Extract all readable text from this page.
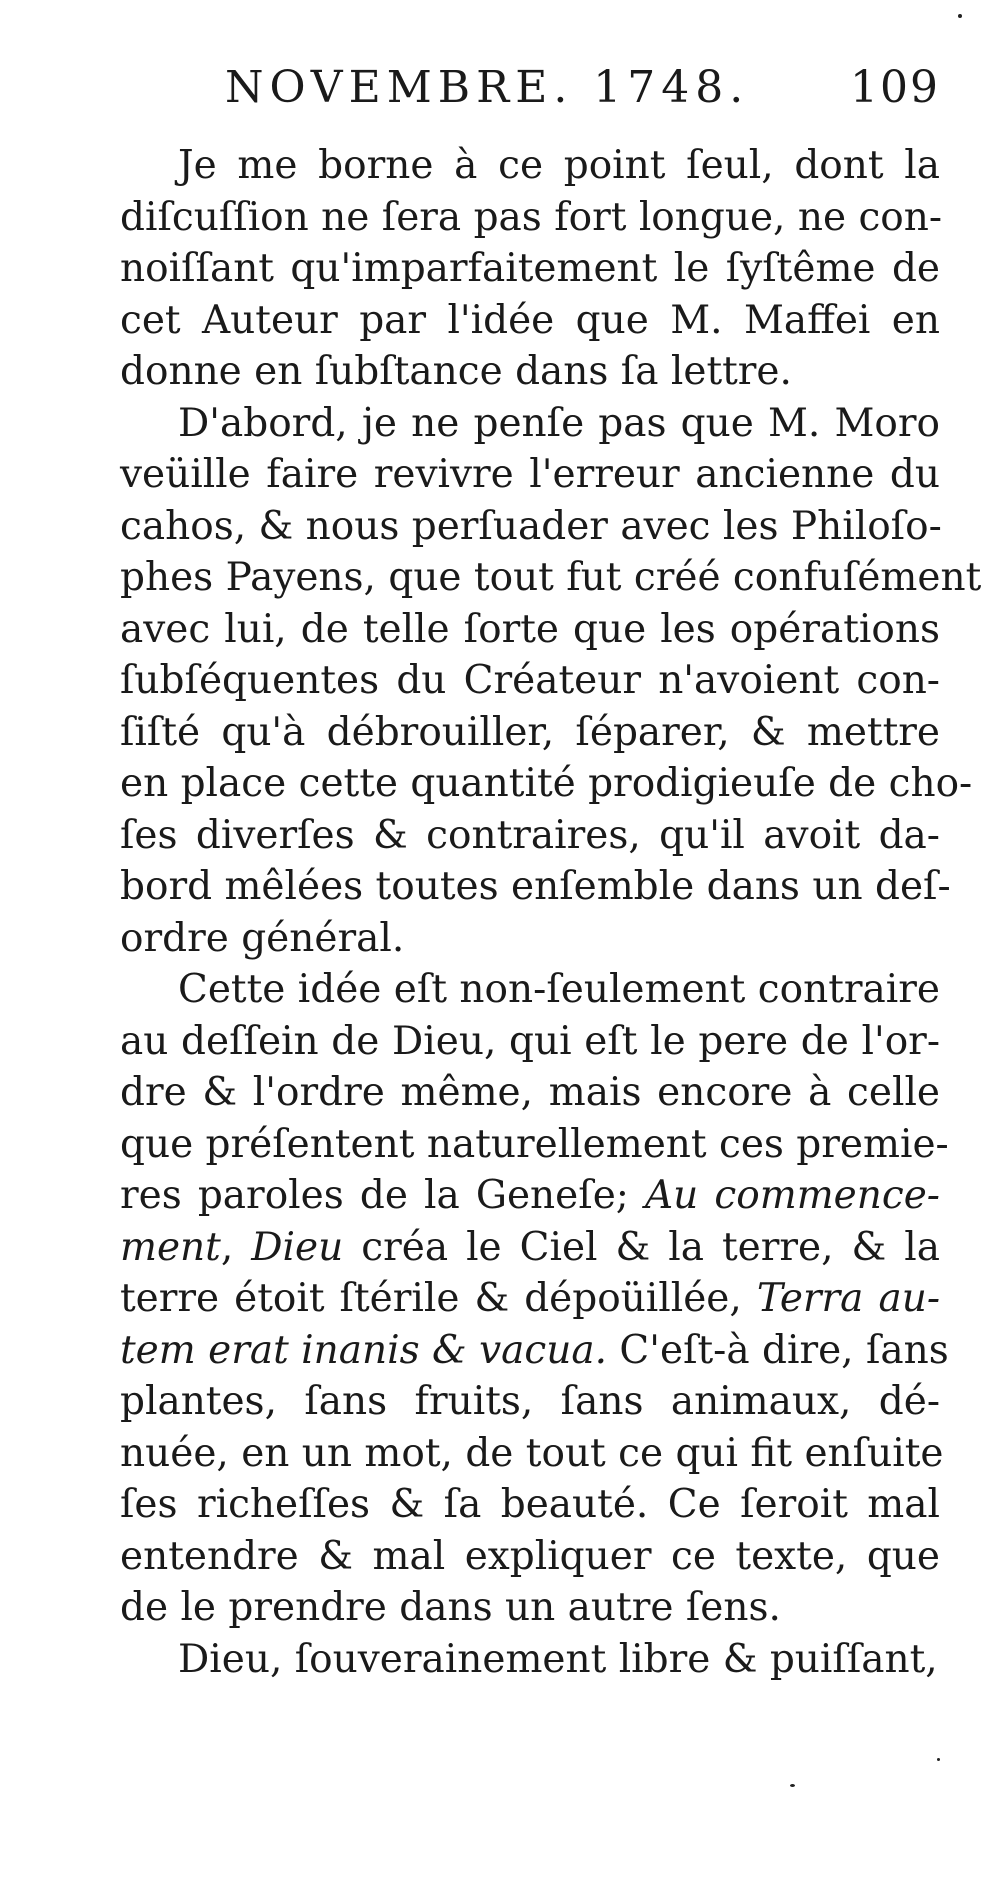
NOVEMBRE. 1748. 109
Je me borne à ce point ſeul, dont la
diſcuſſion ne ſera pas fort longue, ne con-
noiſſant qu'imparfaitement le ſyſtême de
cet Auteur par l'idée que M. Maffei en
donne en ſubſtance dans ſa lettre.
D'abord, je ne penſe pas que M. Moro
veüille faire revivre l'erreur ancienne du
cahos, & nous perſuader avec les Philoſo-
phes Payens, que tout fut créé confuſément
avec lui, de telle ſorte que les opérations
ſubſéquentes du Créateur n'avoient con-
ſiſté qu'à débrouiller, ſéparer, & mettre
en place cette quantité prodigieuſe de cho-
ſes diverſes & contraires, qu'il avoit da-
bord mêlées toutes enſemble dans un deſ-
ordre général.
Cette idée eſt non-ſeulement contraire
au deſſein de Dieu, qui eſt le pere de l'or-
dre & l'ordre même, mais encore à celle
que préſentent naturellement ces premie-
res paroles de la Geneſe; Au commence-
ment, Dieu créa le Ciel & la terre, & la
terre étoit ſtérile & dépoüillée, Terra au-
tem erat inanis & vacua. C'eſt-à dire, ſans
plantes, ſans fruits, ſans animaux, dé-
nuée, en un mot, de tout ce qui fit enſuite
ſes richeſſes & ſa beauté. Ce ſeroit mal
entendre & mal expliquer ce texte, que
de le prendre dans un autre ſens.
Dieu, ſouverainement libre & puiſſant,
